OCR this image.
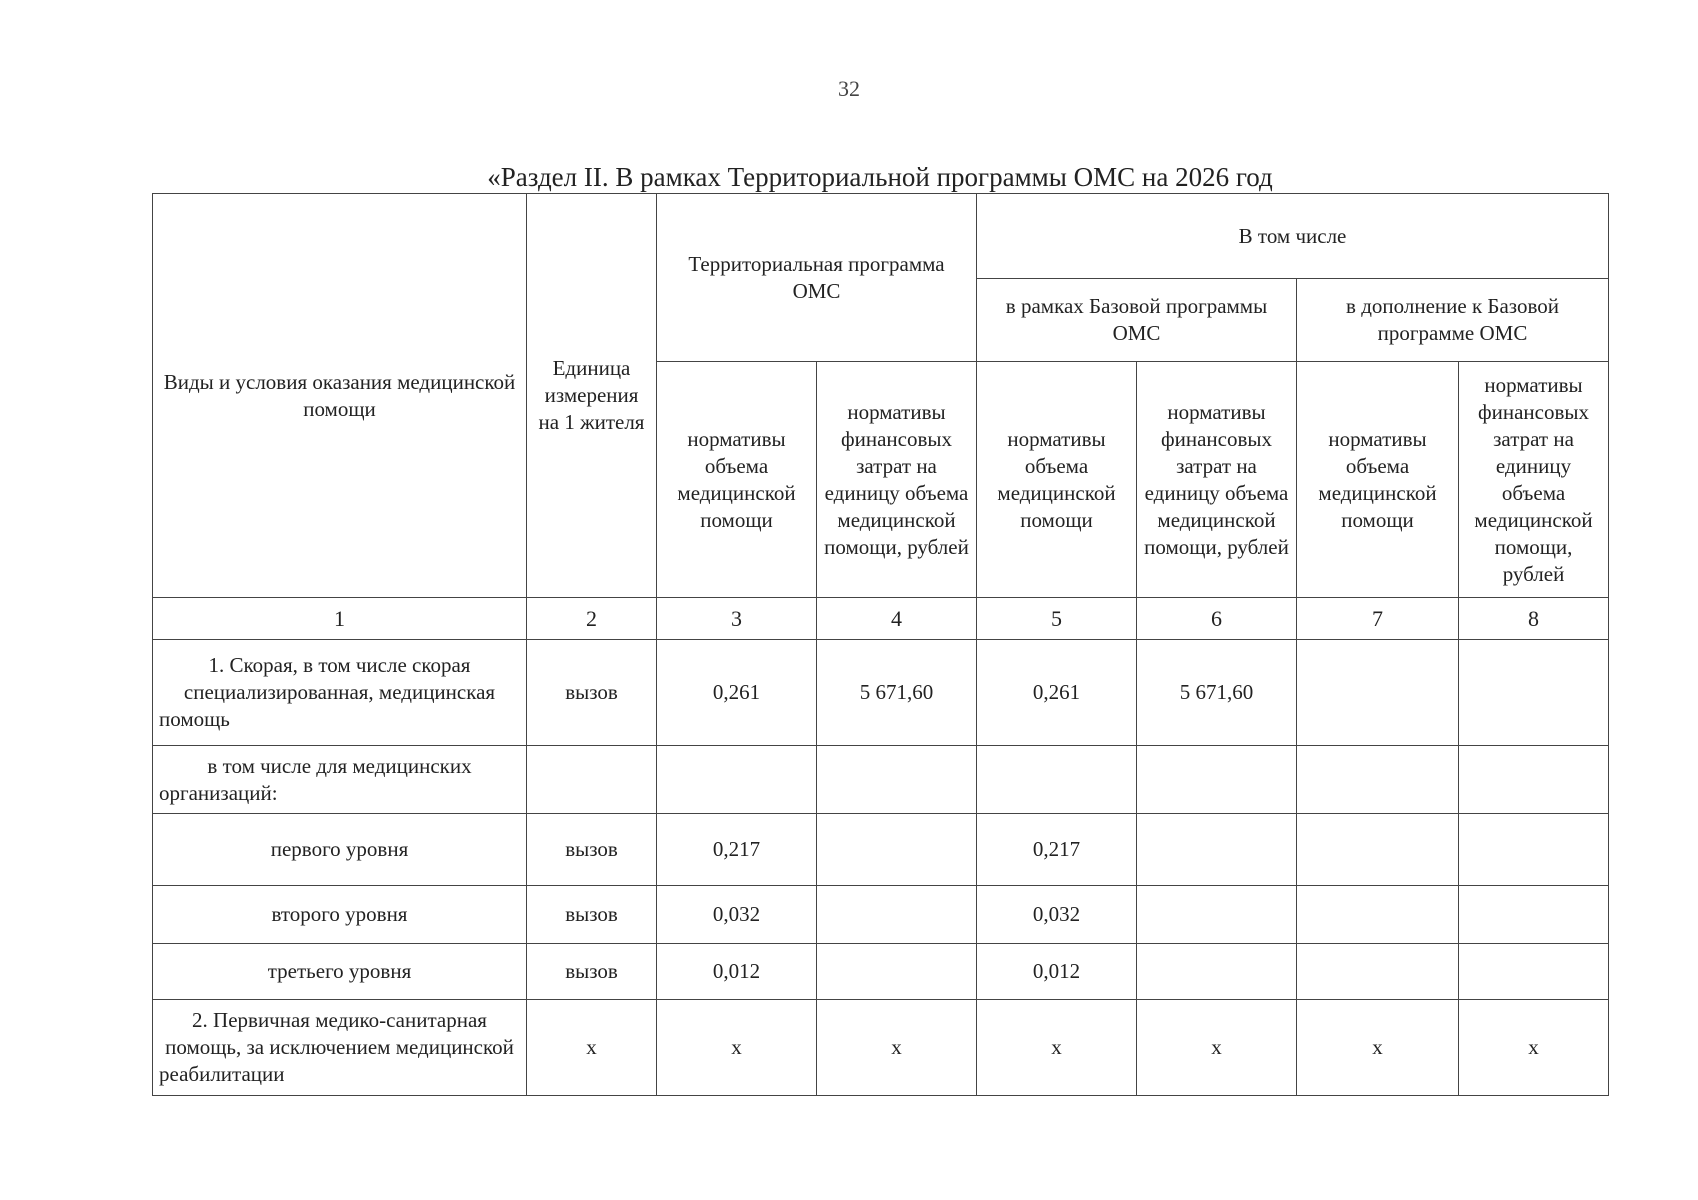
32
«Раздел II. В рамках Территориальной программы ОМС на 2026 год
Виды и условия оказания медицинской помощи	Единица измерения на 1 жителя	Территориальная программа ОМС		В том числе			
				в рамках Базовой программы ОМС		в дополнение к Базовой программе ОМС	
		нормативы объема медицинской помощи	нормативы финансовых затрат на единицу объема медицинской помощи, рублей	нормативы объема медицинской помощи	нормативы финансовых затрат на единицу объема медицинской помощи, рублей	нормативы объема медицинской помощи	нормативы финансовых затрат на единицу объема медицинской помощи, рублей
1	2	3	4	5	6	7	8
1. Скорая, в том числе скорая специализированная, медицинская помощь	вызов	0,261	5 671,60	0,261	5 671,60		
в том числе для медицинских организаций:							
первого уровня	вызов	0,217		0,217			
второго уровня	вызов	0,032		0,032			
третьего уровня	вызов	0,012		0,012			
2. Первичная медико-санитарная помощь, за исключением медицинской реабилитации	х	х	х	х	х	х	х
